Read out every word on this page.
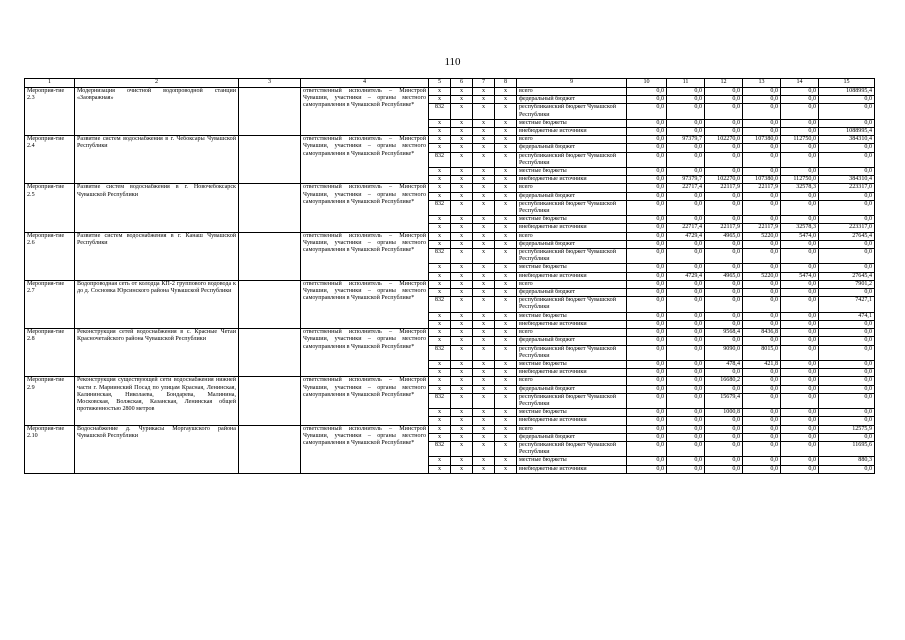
110
1	2	3	4	5	6	7	8	9	10	11	12	13	14	15
Мероприя-тие 2.3	Модернизация очистной водопроводной станции «Заовражная»		ответственный исполнитель – Минстрой Чувашии, участники – органы местного самоуправления в Чувашской Республике*	x	x	x	x	всего	0,0	0,0	0,0	0,0	0,0	1088995,4
				x	x	x	x	федеральный бюджет	0,0	0,0	0,0	0,0	0,0	0,0
				832	x	x	x	республиканский бюджет Чувашской Республики	0,0	0,0	0,0	0,0	0,0	0,0
				x	x	x	x	местные бюджеты	0,0	0,0	0,0	0,0	0,0	0,0
				x	x	x	x	внебюджетные источники	0,0	0,0	0,0	0,0	0,0	1088995,4
Мероприя-тие 2.4	Развитие систем водоснабжения в г. Чебоксары Чувашской Республики		ответственный исполнитель – Минстрой Чувашии, участники – органы местного самоуправления в Чувашской Республике*	x	x	x	x	всего	0,0	97379,7	102270,0	107380,0	112750,0	384310,4
				x	x	x	x	федеральный бюджет	0,0	0,0	0,0	0,0	0,0	0,0
				832	x	x	x	республиканский бюджет Чувашской Республики	0,0	0,0	0,0	0,0	0,0	0,0
				x	x	x	x	местные бюджеты	0,0	0,0	0,0	0,0	0,0	0,0
				x	x	x	x	внебюджетные источники	0,0	97379,7	102270,0	107380,0	112750,0	384310,4
Мероприя-тие 2.5	Развитие систем водоснабжения в г. Новочебоксарск Чувашской Республики		ответственный исполнитель – Минстрой Чувашии, участники – органы местного самоуправления в Чувашской Республике*	x	x	x	x	всего	0,0	22717,4	22117,9	22117,9	32578,3	223317,0
				x	x	x	x	федеральный бюджет	0,0	0,0	0,0	0,0	0,0	0,0
				832	x	x	x	республиканский бюджет Чувашской Республики	0,0	0,0	0,0	0,0	0,0	0,0
				x	x	x	x	местные бюджеты	0,0	0,0	0,0	0,0	0,0	0,0
				x	x	x	x	внебюджетные источники	0,0	22717,4	22117,9	22117,9	32578,3	223317,0
Мероприя-тие 2.6	Развитие систем водоснабжения в г. Канаш Чувашской Республики		ответственный исполнитель – Минстрой Чувашии, участники – органы местного самоуправления в Чувашской Республике*	x	x	x	x	всего	0,0	4729,4	4965,0	5220,0	5474,0	27645,4
				x	x	x	x	федеральный бюджет	0,0	0,0	0,0	0,0	0,0	0,0
				832	x	x	x	республиканский бюджет Чувашской Республики	0,0	0,0	0,0	0,0	0,0	0,0
				x	x	x	x	местные бюджеты	0,0	0,0	0,0	0,0	0,0	0,0
				x	x	x	x	внебюджетные источники	0,0	4729,4	4965,0	5220,0	5474,0	27645,4
Мероприя-тие 2.7	Водопроводная сеть от колодца КП-2 группового водовода к до д. Сосновка Юрсинского района Чувашской Республики		ответственный исполнитель – Минстрой Чувашии, участники – органы местного самоуправления в Чувашской Республике*	x	x	x	x	всего	0,0	0,0	0,0	0,0	0,0	7901,2
				x	x	x	x	федеральный бюджет	0,0	0,0	0,0	0,0	0,0	0,0
				832	x	x	x	республиканский бюджет Чувашской Республики	0,0	0,0	0,0	0,0	0,0	7427,1
				x	x	x	x	местные бюджеты	0,0	0,0	0,0	0,0	0,0	474,1
				x	x	x	x	внебюджетные источники	0,0	0,0	0,0	0,0	0,0	0,0
Мероприя-тие 2.8	Реконструкция сетей водоснабжения в с. Красные Четаи Красночетайского района Чувашской Республики		ответственный исполнитель – Минстрой Чувашии, участники – органы местного самоуправления в Чувашской Республике*	x	x	x	x	всего	0,0	0,0	9568,4	8436,8	0,0	0,0
				x	x	x	x	федеральный бюджет	0,0	0,0	0,0	0,0	0,0	0,0
				832	x	x	x	республиканский бюджет Чувашской Республики	0,0	0,0	9090,0	8015,0	0,0	0,0
				x	x	x	x	местные бюджеты	0,0	0,0	478,4	421,8	0,0	0,0
				x	x	x	x	внебюджетные источники	0,0	0,0	0,0	0,0	0,0	0,0
Мероприя-тие 2.9	Реконструкция существующей сети водоснабжения нижней части г. Мариинский Посад по улицам Красная, Ленинская, Калининская, Николаева, Бондарева, Малинина, Московская, Волжская, Казанская, Ленинская общей протяженностью 2800 метров		ответственный исполнитель – Минстрой Чувашии, участники – органы местного самоуправления в Чувашской Республике*	x	x	x	x	всего	0,0	0,0	16680,2	0,0	0,0	0,0
				x	x	x	x	федеральный бюджет	0,0	0,0	0,0	0,0	0,0	0,0
				832	x	x	x	республиканский бюджет Чувашской Республики	0,0	0,0	15679,4	0,0	0,0	0,0
				x	x	x	x	местные бюджеты	0,0	0,0	1000,8	0,0	0,0	0,0
				x	x	x	x	внебюджетные источники	0,0	0,0	0,0	0,0	0,0	0,0
Мероприя-тие 2.10	Водоснабжение д. Чурикасы Моргаушского района Чувашской Республики		ответственный исполнитель – Минстрой Чувашии, участники – органы местного самоуправления в Чувашской Республике*	x	x	x	x	всего	0,0	0,0	0,0	0,0	0,0	12575,9
				x	x	x	x	федеральный бюджет	0,0	0,0	0,0	0,0	0,0	0,0
				832	x	x	x	республиканский бюджет Чувашской Республики	0,0	0,0	0,0	0,0	0,0	11695,6
				x	x	x	x	местные бюджеты	0,0	0,0	0,0	0,0	0,0	880,3
				x	x	x	x	внебюджетные источники	0,0	0,0	0,0	0,0	0,0	0,0
